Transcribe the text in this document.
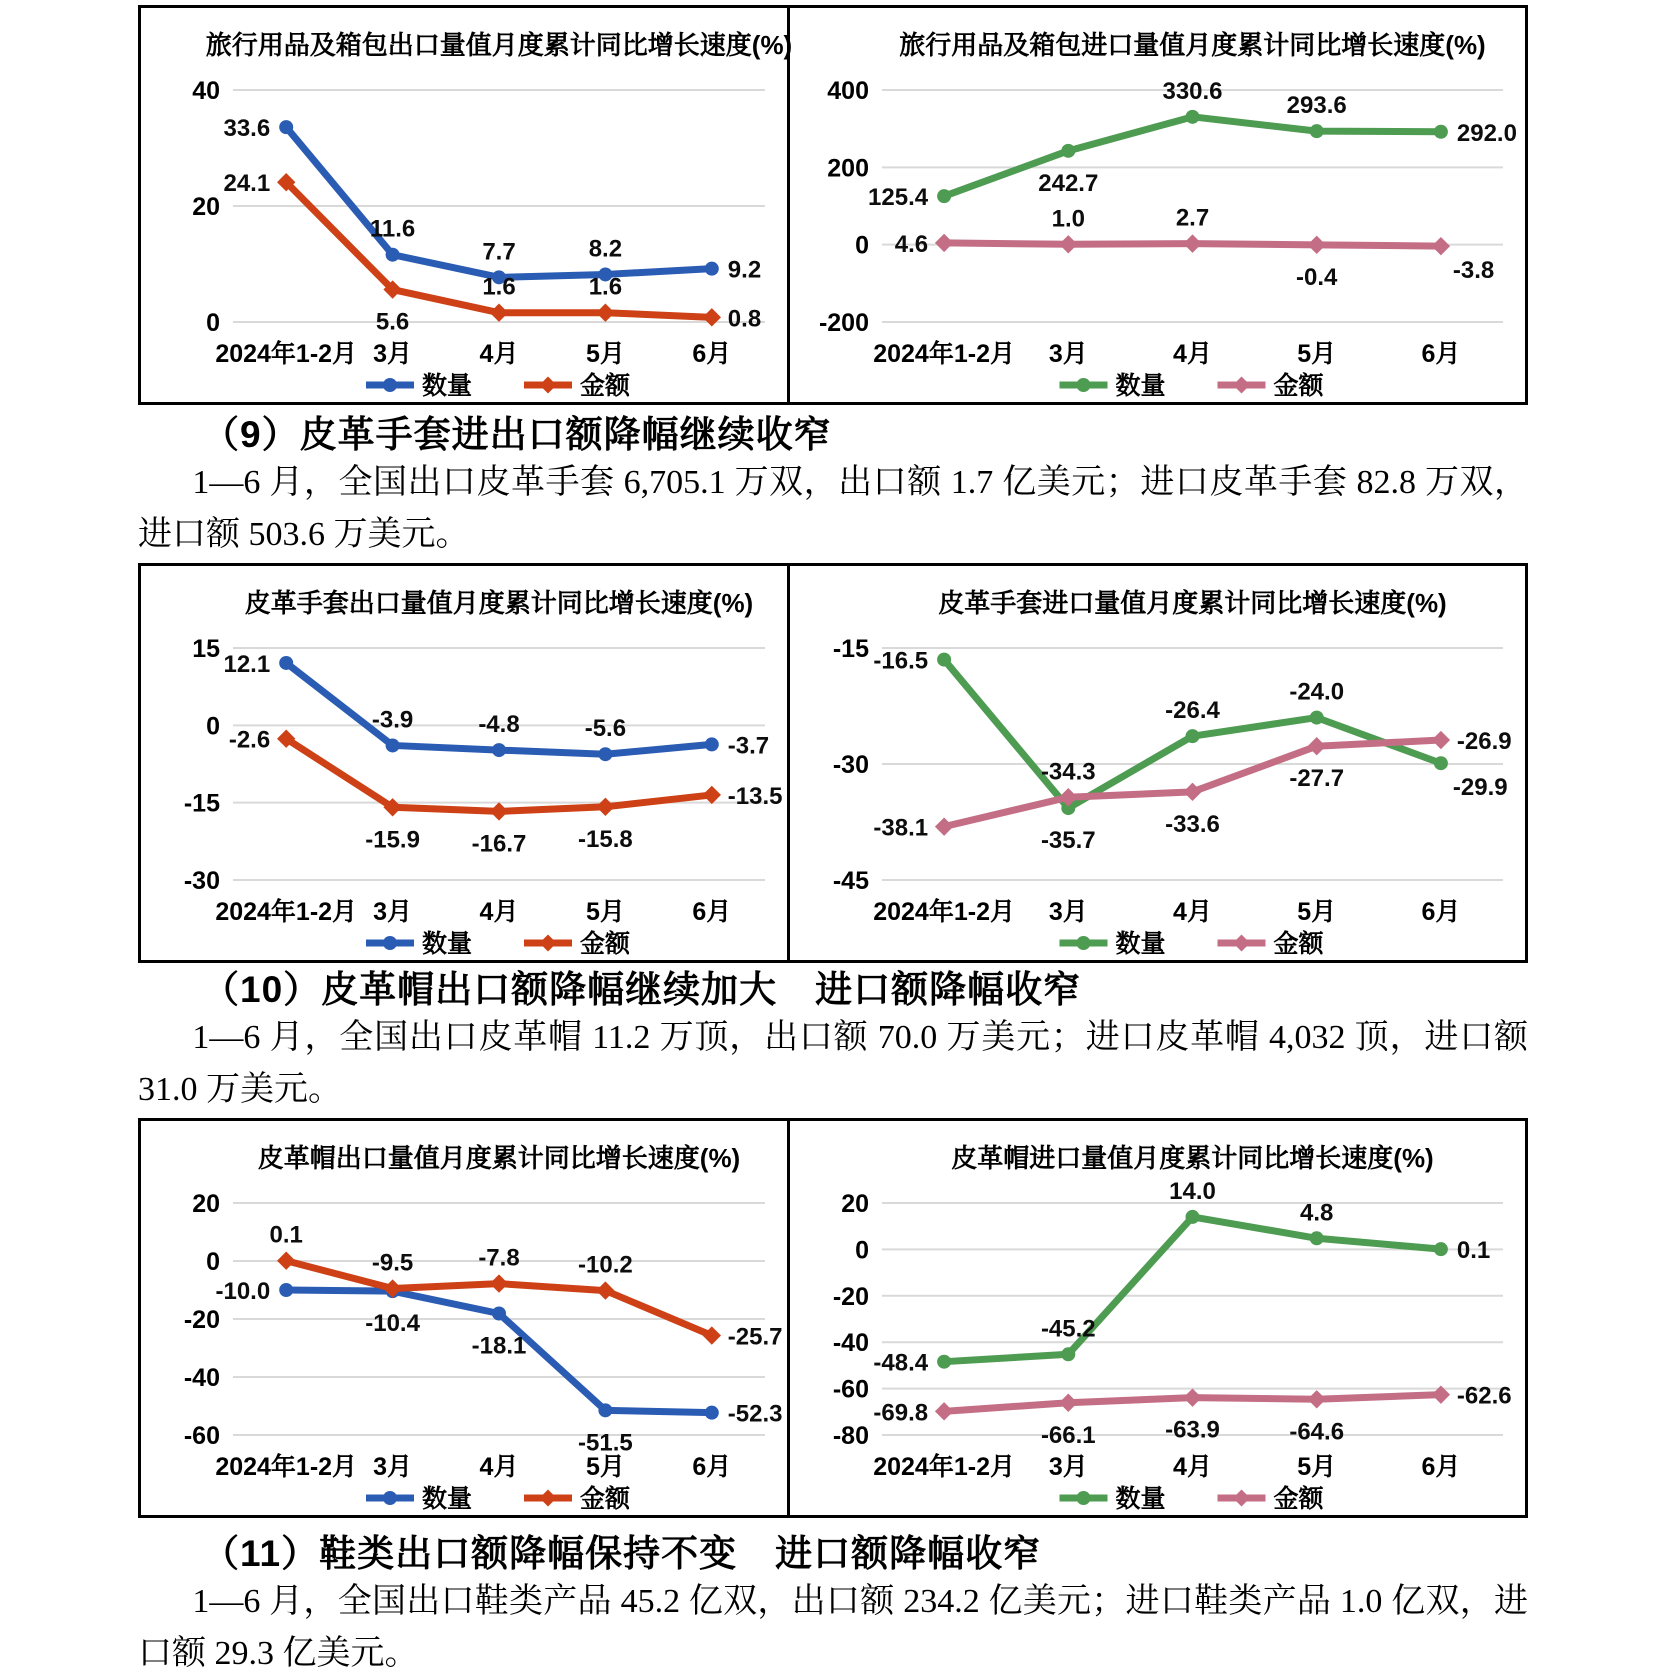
40
20
0
旅行用品及箱包出口量值月度累计同比增长速度(%)
2024年1-2月 3月	4月	5月	6月
33.6
11.6
7.7	8.2
9.2
24.1
5.6
1.6	1.6
0.8
数量	金额
400
200
0
-200
旅行用品及箱包进口量值月度累计同比增长速度(%)
2024年1-2月 3月	4月	5月	6月
125.4
242.7
330.6
293.6
292.0
4.6
1.0	2.7
-0.4	-3.8
数量	金额
（9）皮革手套进出口额降幅继续收窄
1—6 月，全国出口皮革手套 6,705.1 万双，出口额 1.7 亿美元；进口皮革手套 82.8 万双，进口额 503.6 万美元。
15
0
-15
-30
皮革手套出口量值月度累计同比增长速度(%)
2024年1-2月 3月	4月	5月	6月
12.1
-3.9	-4.8	-5.6
-3.7
-2.6
-15.9 -16.7 -15.8
-13.5
数量	金额
-15
-30
-45
皮革手套进口量值月度累计同比增长速度(%)
2024年1-2月 3月	4月	5月	6月
-16.5
-35.7
-26.4
-24.0
-29.9
-38.1
-34.3
-33.6
-27.7
-26.9
数量	金额
（10）皮革帽出口额降幅继续加大　进口额降幅收窄
1—6 月，全国出口皮革帽 11.2 万顶，出口额 70.0 万美元；进口皮革帽 4,032 顶，进口额 31.0 万美元。
20
0
-20
-40
-60
皮革帽出口量值月度累计同比增长速度(%)
2024年1-2月 3月	4月	5月	6月
-10.0
-10.4
-18.1
-51.5
-52.3
0.1
-9.5	-7.8 -10.2
-25.7
数量	金额
20
0
-20
-40
-60
-80
皮革帽进口量值月度累计同比增长速度(%)
2024年1-2月 3月	4月	5月	6月
-48.4
-45.2
14.0
4.8
0.1
-69.8
-66.1	-63.9	-64.6
-62.6
数量	金额
（11）鞋类出口额降幅保持不变　进口额降幅收窄
1—6 月，全国出口鞋类产品 45.2 亿双，出口额 234.2 亿美元；进口鞋类产品 1.0 亿双，进口额 29.3 亿美元。
